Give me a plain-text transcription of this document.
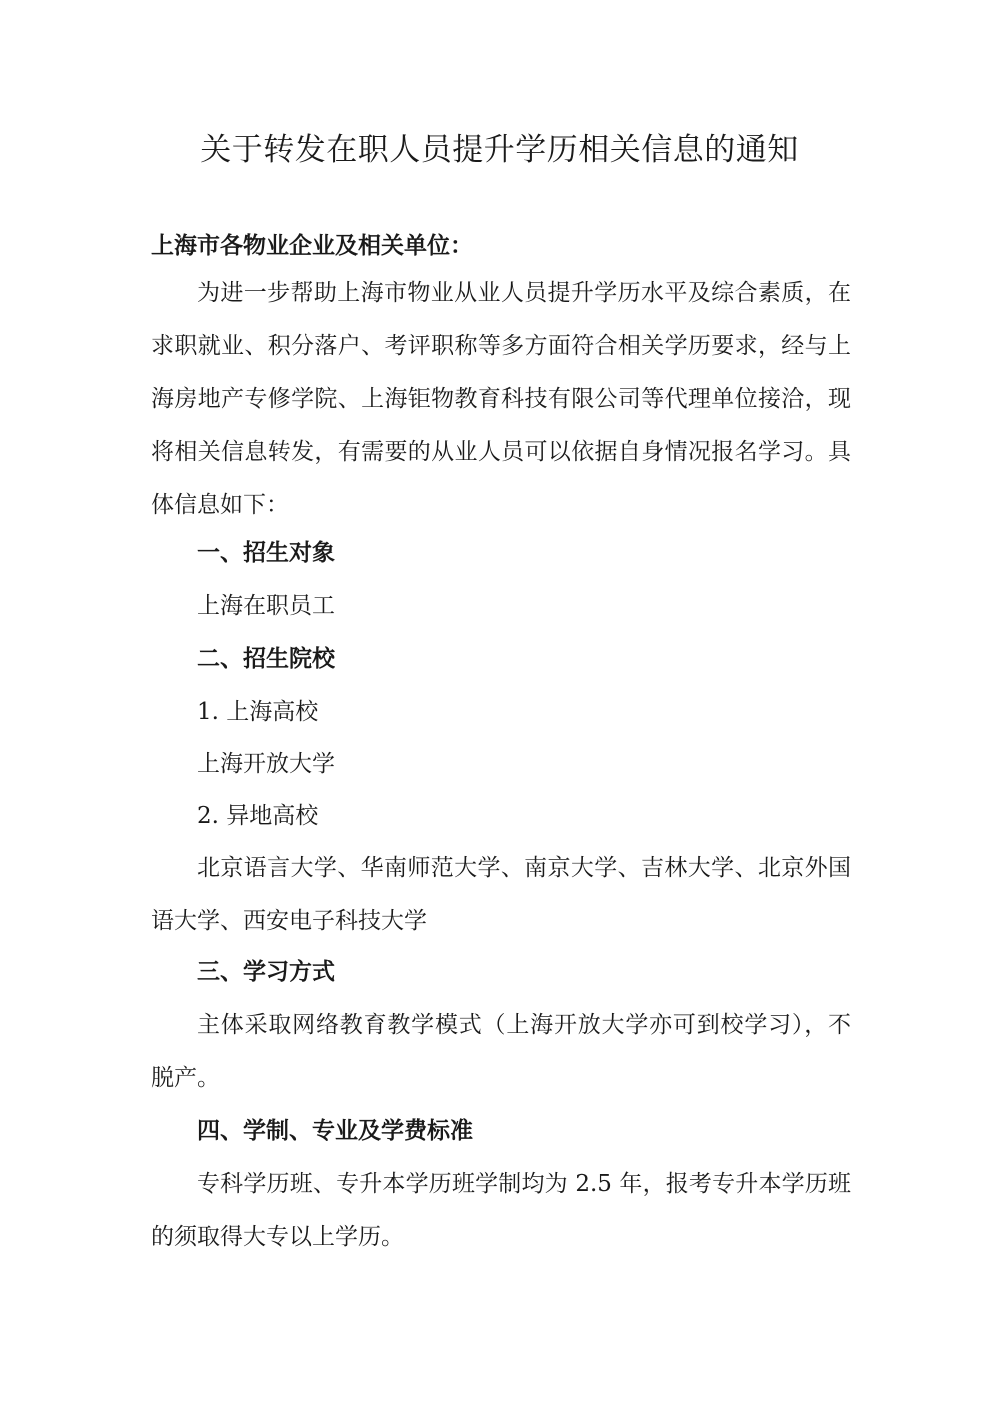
关于转发在职人员提升学历相关信息的通知

上海市各物业企业及相关单位：

为进一步帮助上海市物业从业人员提升学历水平及综合素质，在求职就业、积分落户、考评职称等多方面符合相关学历要求，经与上海房地产专修学院、上海钜物教育科技有限公司等代理单位接洽，现将相关信息转发，有需要的从业人员可以依据自身情况报名学习。具体信息如下：

一、招生对象

上海在职员工

二、招生院校

1. 上海高校

上海开放大学

2. 异地高校

北京语言大学、华南师范大学、南京大学、吉林大学、北京外国语大学、西安电子科技大学

三、学习方式

主体采取网络教育教学模式（上海开放大学亦可到校学习），不脱产。

四、学制、专业及学费标准

专科学历班、专升本学历班学制均为 2.5 年，报考专升本学历班的须取得大专以上学历。
